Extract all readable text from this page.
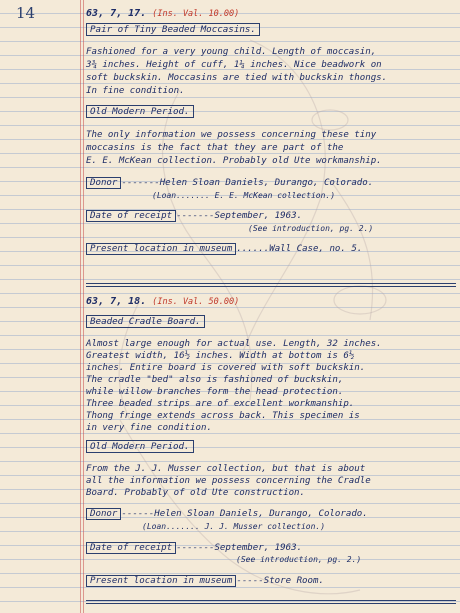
14	63, 7, 17. (Ins. Val. 10.00)
Pair of Tiny Beaded Moccasins.
Fashioned for a very young child. Length of moccasin,
3¾ inches. Height of cuff, 1¼ inches. Nice beadwork on
soft buckskin. Moccasins are tied with buckskin thongs.
In fine condition.
Old Modern Period.
The only information we possess concerning these tiny
moccasins is the fact that they are part of the
E. E. McKean collection. Probably old Ute workmanship.
Donor -------Helen Sloan Daniels, Durango, Colorado.
(Loan....... E. E. McKean collection.)
Date of receipt -------September, 1963.
(See introduction, pg. 2.)
Present location in museum ......Wall Case, no. 5.
63, 7, 18. (Ins. Val. 50.00)
Beaded Cradle Board.
Almost large enough for actual use. Length, 32 inches.
Greatest width, 16½ inches. Width at bottom is 6½
inches. Entire board is covered with soft buckskin.
The cradle "bed" also is fashioned of buckskin,
while willow branches form the head protection.
Three beaded strips are of excellent workmanship.
Thong fringe extends across back. This specimen is
in very fine condition.
Old Modern Period.
From the J. J. Musser collection, but that is about
all the information we possess concerning the Cradle
Board. Probably of old Ute construction.
Donor ------Helen Sloan Daniels, Durango, Colorado.
(Loan....... J. J. Musser collection.)
Date of receipt -------September, 1963.
(See introduction, pg. 2.)
Present location in museum -----Store Room.
